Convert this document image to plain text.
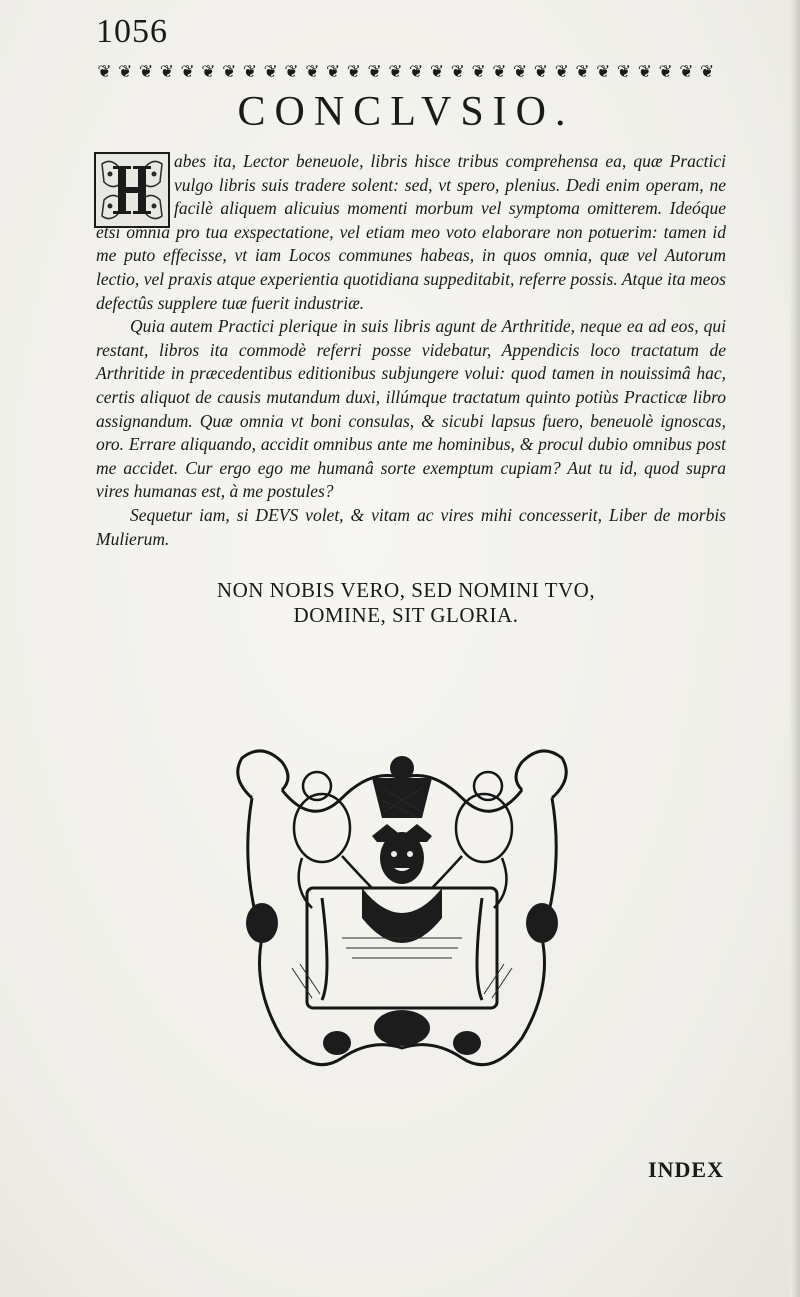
1056
❦ ❦ ❦ ❦ ❦ ❦ ❦ ❦ ❦ ❦ ❦ ❦ ❦ ❦ ❦ ❦ ❦ ❦ ❦ ❦ ❦ ❦ ❦ ❦ ❦ ❦ ❦ ❦ ❦ ❦
CONCLVSIO.

abes ita, Lector beneuole, libris hisce tribus comprehensa ea, quæ Practici vulgo libris suis tradere solent: sed, vt spero, plenius. Dedi enim operam, ne facilè aliquem alicuius momenti morbum vel symptoma omitterem. Ideóque etsi omnia pro tua exspectatione, vel etiam meo voto elaborare non potuerim: tamen id me puto effecisse, vt iam Locos communes habeas, in quos omnia, quæ vel Autorum lectio, vel praxis atque experientia quotidiana suppeditabit, referre possis. Atque ita meos defectûs supplere tuæ fuerit industriæ.

Quia autem Practici plerique in suis libris agunt de Arthritide, neque ea ad eos, qui restant, libros ita commodè referri posse videbatur, Appendicis loco tractatum de Arthritide in præcedentibus editionibus subjungere volui: quod tamen in nouissimâ hac, certis aliquot de causis mutandum duxi, illúmque tractatum quinto potiùs Practicæ libro assignandum. Quæ omnia vt boni consulas, & sicubi lapsus fuero, beneuolè ignoscas, oro. Errare aliquando, accidit omnibus ante me hominibus, & procul dubio omnibus post me accidet. Cur ergo ego me humanâ sorte exemptum cupiam? Aut tu id, quod supra vires humanas est, à me postules?

Sequetur iam, si DEVS volet, & vitam ac vires mihi concesserit, Liber de morbis Mulierum.

NON NOBIS VERO, SED NOMINI TVO,
DOMINE, SIT GLORIA.
INDEX
